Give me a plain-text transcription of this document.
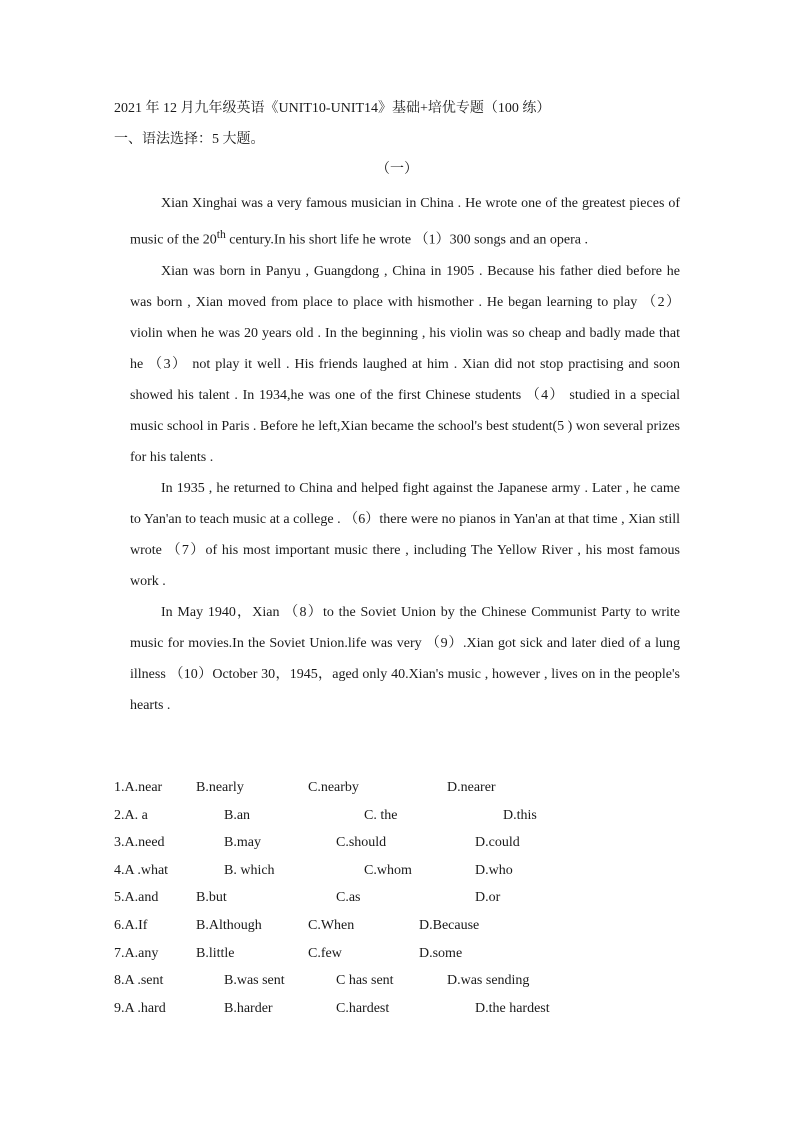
2021 年 12 月九年级英语《UNIT10-UNIT14》基础+培优专题（100 练）
一、语法选择：5 大题。
（一）

Xian Xinghai was a very famous musician in China . He wrote one of the greatest pieces of music of the 20th century.In his short life he wrote （1）300 songs and an opera .

Xian was born in Panyu , Guangdong , China in 1905 . Because his father died before he was born , Xian moved from place to place with hismother . He began learning to play （2）violin when he was 20 years old . In the beginning , his violin was so cheap and badly made that he （3） not play it well . His friends laughed at him . Xian did not stop practising and soon showed his talent . In 1934,he was one of the first Chinese students （4） studied in a special music school in Paris . Before he left,Xian became the school's best student(5 ) won several prizes for his talents .

In 1935 , he returned to China and helped fight against the Japanese army . Later , he came to Yan'an to teach music at a college . （6）there were no pianos in Yan'an at that time , Xian still wrote （7）of his most important music there , including The Yellow River , his most famous work .

In May 1940，Xian （8）to the Soviet Union by the Chinese Communist Party to write music for movies.In the Soviet Union.life was very （9）.Xian got sick and later died of a lung illness （10）October 30，1945，aged only 40.Xian's music , however , lives on in the people's hearts .

1.A.near B.nearly	C.nearby	D.nearer
2.A. a	B.an	C. the	D.this
3.A.need	B.may	C.should	D.could
4.A .what	B. which	C.whom	D.who
5.A.and	B.but	C.as	D.or
6.A.If	B.Although	C.When	D.Because
7.A.any	B.little	C.few	D.some
8.A .sent	B.was sent	C has sent	D.was sending
9.A .hard	B.harder	C.hardest	D.the hardest
